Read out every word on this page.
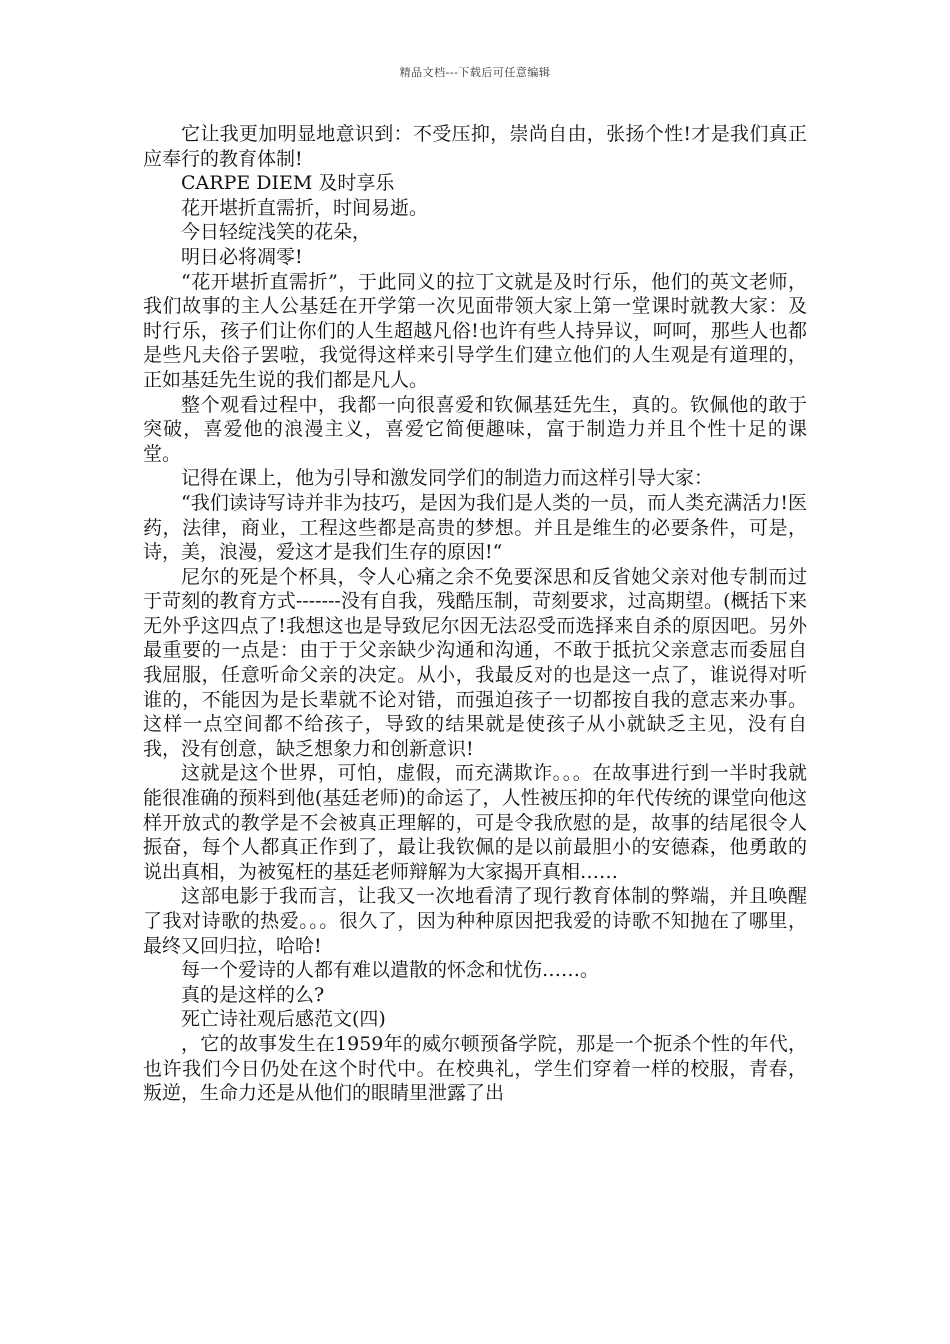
精品文档---下载后可任意编辑

它让我更加明显地意识到：不受压抑，崇尚自由，张扬个性!才是我们真正应奉行的教育体制!

CARPE DIEM 及时享乐

花开堪折直需折，时间易逝。

今日轻绽浅笑的花朵，

明日必将凋零!

“花开堪折直需折”，于此同义的拉丁文就是及时行乐，他们的英文老师，我们故事的主人公基廷在开学第一次见面带领大家上第一堂课时就教大家：及时行乐，孩子们让你们的人生超越凡俗!也许有些人持异议，呵呵，那些人也都是些凡夫俗子罢啦，我觉得这样来引导学生们建立他们的人生观是有道理的，正如基廷先生说的我们都是凡人。

整个观看过程中，我都一向很喜爱和钦佩基廷先生，真的。钦佩他的敢于突破，喜爱他的浪漫主义，喜爱它简便趣味，富于制造力并且个性十足的课堂。

记得在课上，他为引导和激发同学们的制造力而这样引导大家：

“我们读诗写诗并非为技巧，是因为我们是人类的一员，而人类充满活力!医药，法律，商业，工程这些都是高贵的梦想。并且是维生的必要条件，可是，诗，美，浪漫，爱这才是我们生存的原因!“

尼尔的死是个杯具，令人心痛之余不免要深思和反省她父亲对他专制而过于苛刻的教育方式-------没有自我，残酷压制，苛刻要求，过高期望。(概括下来无外乎这四点了!我想这也是导致尼尔因无法忍受而选择来自杀的原因吧。另外最重要的一点是：由于于父亲缺少沟通和沟通，不敢于抵抗父亲意志而委屈自我屈服，任意听命父亲的决定。从小，我最反对的也是这一点了，谁说得对听谁的，不能因为是长辈就不论对错，而强迫孩子一切都按自我的意志来办事。这样一点空间都不给孩子，导致的结果就是使孩子从小就缺乏主见，没有自我，没有创意，缺乏想象力和创新意识!

这就是这个世界，可怕，虚假，而充满欺诈。。。在故事进行到一半时我就能很准确的预料到他(基廷老师)的命运了，人性被压抑的年代传统的课堂向他这样开放式的教学是不会被真正理解的，可是令我欣慰的是，故事的结尾很令人振奋，每个人都真正作到了，最让我钦佩的是以前最胆小的安德森，他勇敢的说出真相，为被冤枉的基廷老师辩解为大家揭开真相……

这部电影于我而言，让我又一次地看清了现行教育体制的弊端，并且唤醒了我对诗歌的热爱。。。很久了，因为种种原因把我爱的诗歌不知抛在了哪里，最终又回归拉，哈哈!

每一个爱诗的人都有难以遣散的怀念和忧伤……。

真的是这样的么?

死亡诗社观后感范文(四)

，它的故事发生在1959年的威尔顿预备学院，那是一个扼杀个性的年代，也许我们今日仍处在这个时代中。在校典礼，学生们穿着一样的校服，青春，叛逆，生命力还是从他们的眼睛里泄露了出
